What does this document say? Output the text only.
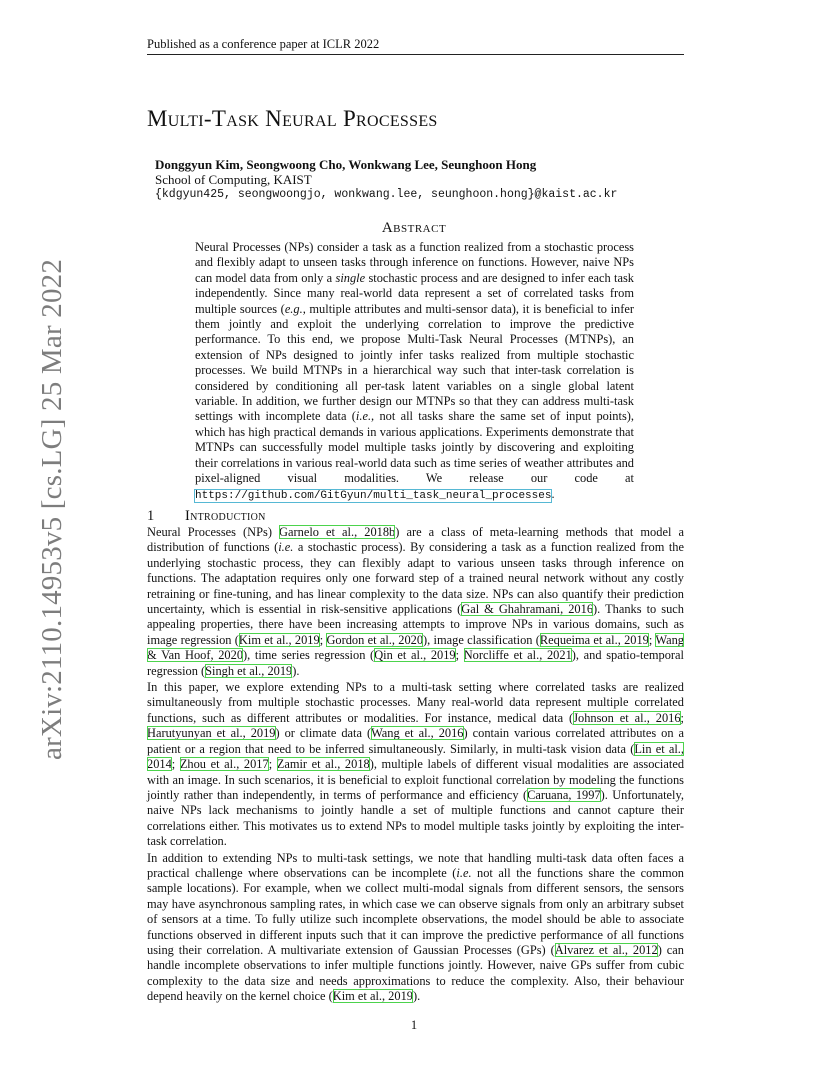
Published as a conference paper at ICLR 2022
Multi-Task Neural Processes
Donggyun Kim, Seongwoong Cho, Wonkwang Lee, Seunghoon Hong
School of Computing, KAIST
{kdgyun425, seongwoongjo, wonkwang.lee, seunghoon.hong}@kaist.ac.kr
Abstract

Neural Processes (NPs) consider a task as a function realized from a stochastic process and flexibly adapt to unseen tasks through inference on functions. However, naive NPs can model data from only a single stochastic process and are designed to infer each task independently. Since many real-world data represent a set of correlated tasks from multiple sources (e.g., multiple attributes and multi-sensor data), it is beneficial to infer them jointly and exploit the underlying correlation to improve the predictive performance. To this end, we propose Multi-Task Neural Processes (MTNPs), an extension of NPs designed to jointly infer tasks realized from multiple stochastic processes. We build MTNPs in a hierarchical way such that inter-task correlation is considered by conditioning all per-task latent variables on a single global latent variable. In addition, we further design our MTNPs so that they can address multi-task settings with incomplete data (i.e., not all tasks share the same set of input points), which has high practical demands in various applications. Experiments demonstrate that MTNPs can successfully model multiple tasks jointly by discovering and exploiting their correlations in various real-world data such as time series of weather attributes and pixel-aligned visual modalities. We release our code at https://github.com/GitGyun/multi_task_neural_processes.

1 Introduction

Neural Processes (NPs) Garnelo et al., 2018b) are a class of meta-learning methods that model a distribution of functions (i.e. a stochastic process). By considering a task as a function realized from the underlying stochastic process, they can flexibly adapt to various unseen tasks through inference on functions. The adaptation requires only one forward step of a trained neural network without any costly retraining or fine-tuning, and has linear complexity to the data size. NPs can also quantify their prediction uncertainty, which is essential in risk-sensitive applications (Gal & Ghahramani, 2016). Thanks to such appealing properties, there have been increasing attempts to improve NPs in various domains, such as image regression (Kim et al., 2019; Gordon et al., 2020), image classification (Requeima et al., 2019; Wang & Van Hoof, 2020), time series regression (Qin et al., 2019; Norcliffe et al., 2021), and spatio-temporal regression (Singh et al., 2019).

In this paper, we explore extending NPs to a multi-task setting where correlated tasks are realized simultaneously from multiple stochastic processes. Many real-world data represent multiple correlated functions, such as different attributes or modalities. For instance, medical data (Johnson et al., 2016; Harutyunyan et al., 2019) or climate data (Wang et al., 2016) contain various correlated attributes on a patient or a region that need to be inferred simultaneously. Similarly, in multi-task vision data (Lin et al., 2014; Zhou et al., 2017; Zamir et al., 2018), multiple labels of different visual modalities are associated with an image. In such scenarios, it is beneficial to exploit functional correlation by modeling the functions jointly rather than independently, in terms of performance and efficiency (Caruana, 1997). Unfortunately, naive NPs lack mechanisms to jointly handle a set of multiple functions and cannot capture their correlations either. This motivates us to extend NPs to model multiple tasks jointly by exploiting the inter-task correlation.

In addition to extending NPs to multi-task settings, we note that handling multi-task data often faces a practical challenge where observations can be incomplete (i.e. not all the functions share the common sample locations). For example, when we collect multi-modal signals from different sensors, the sensors may have asynchronous sampling rates, in which case we can observe signals from only an arbitrary subset of sensors at a time. To fully utilize such incomplete observations, the model should be able to associate functions observed in different inputs such that it can improve the predictive performance of all functions using their correlation. A multivariate extension of Gaussian Processes (GPs) (Álvarez et al., 2012) can handle incomplete observations to infer multiple functions jointly. However, naive GPs suffer from cubic complexity to the data size and needs approximations to reduce the complexity. Also, their behaviour depend heavily on the kernel choice (Kim et al., 2019).

arXiv:2110.14953v5 [cs.LG] 25 Mar 2022
1
